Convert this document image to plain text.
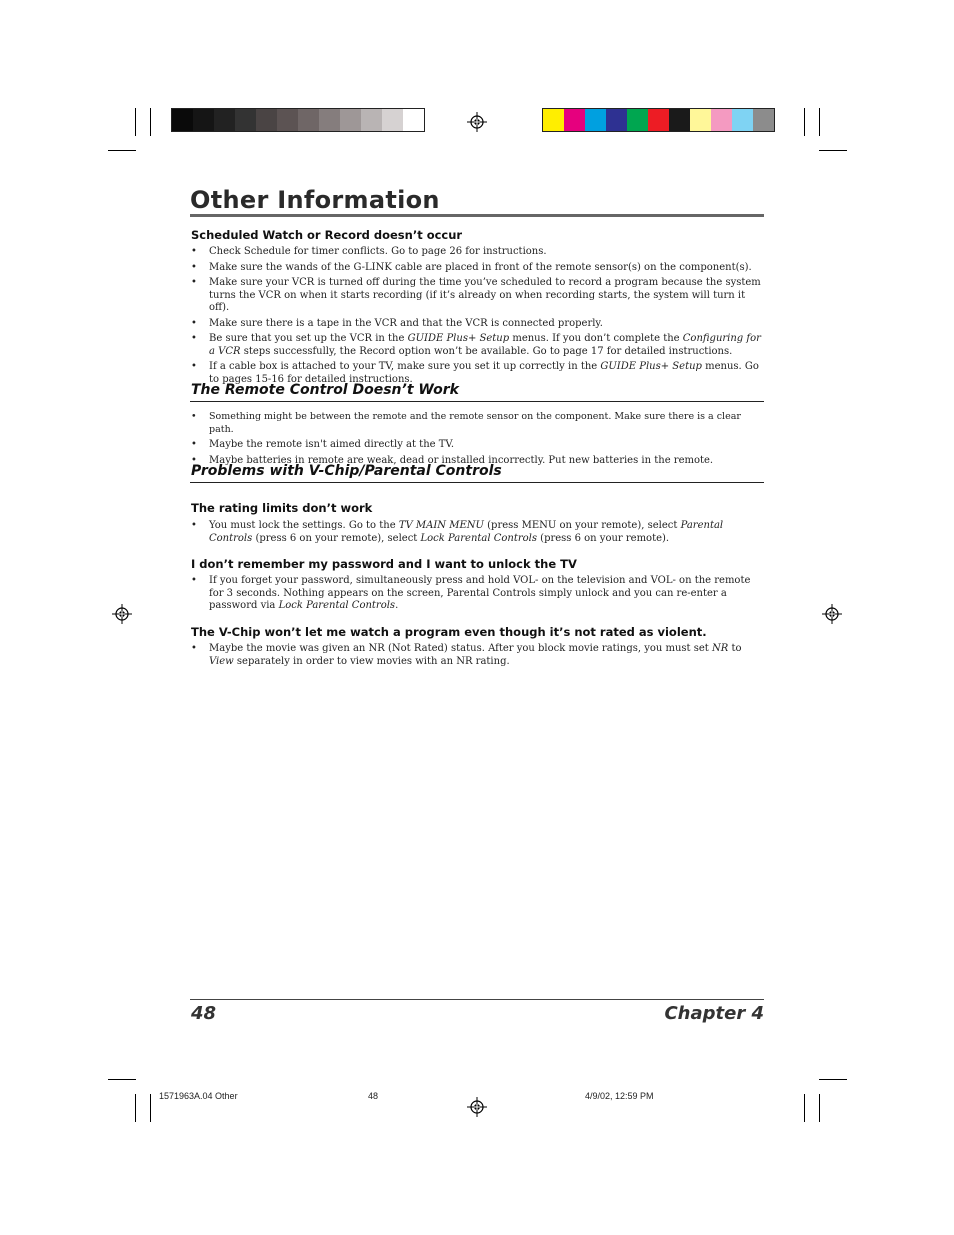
Other Information
Scheduled Watch or Record doesn’t occur
• Check Schedule for timer conflicts. Go to page 26 for instructions.
• Make sure the wands of the G-LINK cable are placed in front of the remote sensor(s) on the component(s).
• Make sure your VCR is turned off during the time you’ve scheduled to record a program because the system turns the VCR on when it starts recording (if it’s already on when recording starts, the system will turn it off).
• Make sure there is a tape in the VCR and that the VCR is connected properly.
• Be sure that you set up the VCR in the GUIDE Plus+ Setup menus. If you don’t complete the Configuring for a VCR steps successfully, the Record option won’t be available. Go to page 17 for detailed instructions.
• If a cable box is attached to your TV, make sure you set it up correctly in the GUIDE Plus+ Setup menus. Go to pages 15-16 for detailed instructions.
The Remote Control Doesn’t Work
• Something might be between the remote and the remote sensor on the component. Make sure there is a clear path.
• Maybe the remote isn't aimed directly at the TV.
• Maybe batteries in remote are weak, dead or installed incorrectly. Put new batteries in the remote.
Problems with V-Chip/Parental Controls
The rating limits don’t work
• You must lock the settings. Go to the TV MAIN MENU (press MENU on your remote), select Parental Controls (press 6 on your remote), select Lock Parental Controls (press 6 on your remote).
I don’t remember my password and I want to unlock the TV
• If you forget your password, simultaneously press and hold VOL- on the television and VOL- on the remote for 3 seconds. Nothing appears on the screen, Parental Controls simply unlock and you can re-enter a password via Lock Parental Controls.
The V-Chip won’t let me watch a program even though it’s not rated as violent.
• Maybe the movie was given an NR (Not Rated) status. After you block movie ratings, you must set NR to View separately in order to view movies with an NR rating.
48	Chapter 4
1571963A.04 Other	48	4/9/02, 12:59 PM
